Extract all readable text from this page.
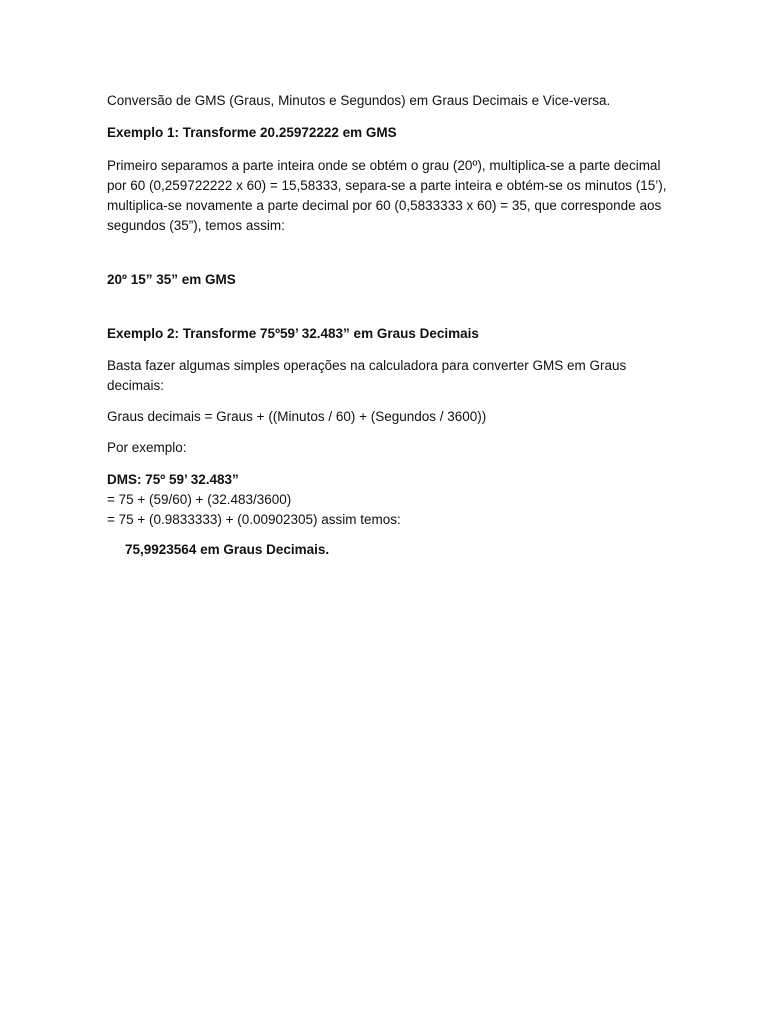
Conversão de GMS (Graus, Minutos e Segundos) em Graus Decimais e Vice-versa.

Exemplo 1: Transforme 20.25972222 em GMS

Primeiro separamos a parte inteira onde se obtém o grau (20º), multiplica-se a parte decimal por 60 (0,259722222 x 60) = 15,58333, separa-se a parte inteira e obtém-se os minutos (15’), multiplica-se novamente a parte decimal por 60 (0,5833333 x 60) = 35, que corresponde aos segundos (35”), temos assim:

20º 15” 35” em GMS

Exemplo 2: Transforme 75º59’ 32.483” em Graus Decimais

Basta fazer algumas simples operações na calculadora para converter GMS em Graus decimais:

Graus decimais = Graus + ((Minutos / 60) + (Segundos / 3600))

Por exemplo:

DMS: 75º 59’ 32.483”

= 75 + (59/60) + (32.483/3600)

= 75 + (0.9833333) + (0.00902305) assim temos:

75,9923564 em Graus Decimais.
